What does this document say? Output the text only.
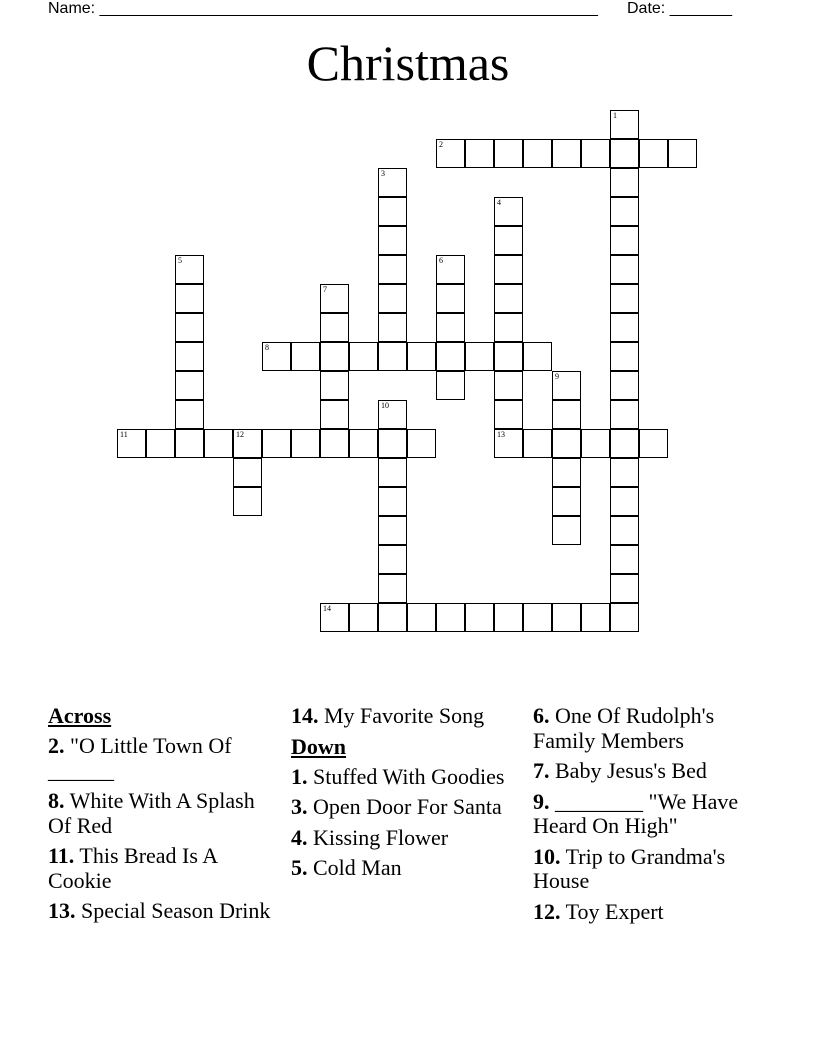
Name: ________________________________________________________ Date: _______
Christmas
1
2
3
4
13
5	6
7
8
9
10
11	12
14
Across
2. "O Little Town Of ______
8. White With A Splash Of Red
11. This Bread Is A Cookie
13. Special Season Drink
14. My Favorite Song
Down
1. Stuffed With Goodies
3. Open Door For Santa
4. Kissing Flower
5. Cold Man
6. One Of Rudolph's Family Members
7. Baby Jesus's Bed
9. ________ "We Have Heard On High"
10. Trip to Grandma's House
12. Toy Expert
